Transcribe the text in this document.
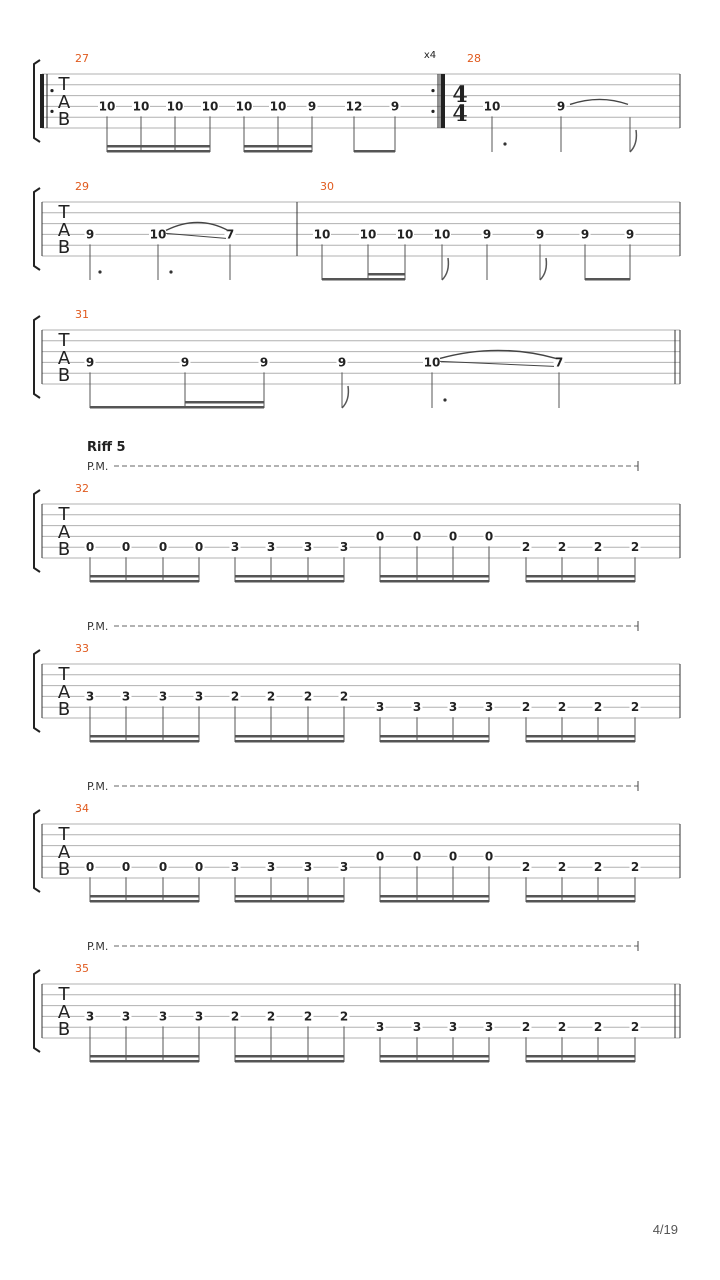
T
A
B
27	x4
10 10 10 10 10 10 9 12 9
28
4
4 10	9
T
A
B
29
9	10	7
30
10 10 10 10	9	9	9	9
T
A
B
31
9	9	9	9	10	7
T
A
B
Riff 5
P.M.
32
0 0 0 0 3 3 3 3
0 0 0 0
2 2 2 2
T
A
B
P.M.
33
3 3 3 3 2 2 2 2
3 3 3 3 2 2 2 2
T
A
B
P.M.
34
0 0 0 0 3 3 3 3
0 0 0 0
2 2 2 2
T
A
B
P.M.
35
3 3 3 3 2 2 2 2
3 3 3 3 2 2 2 2
4/19
